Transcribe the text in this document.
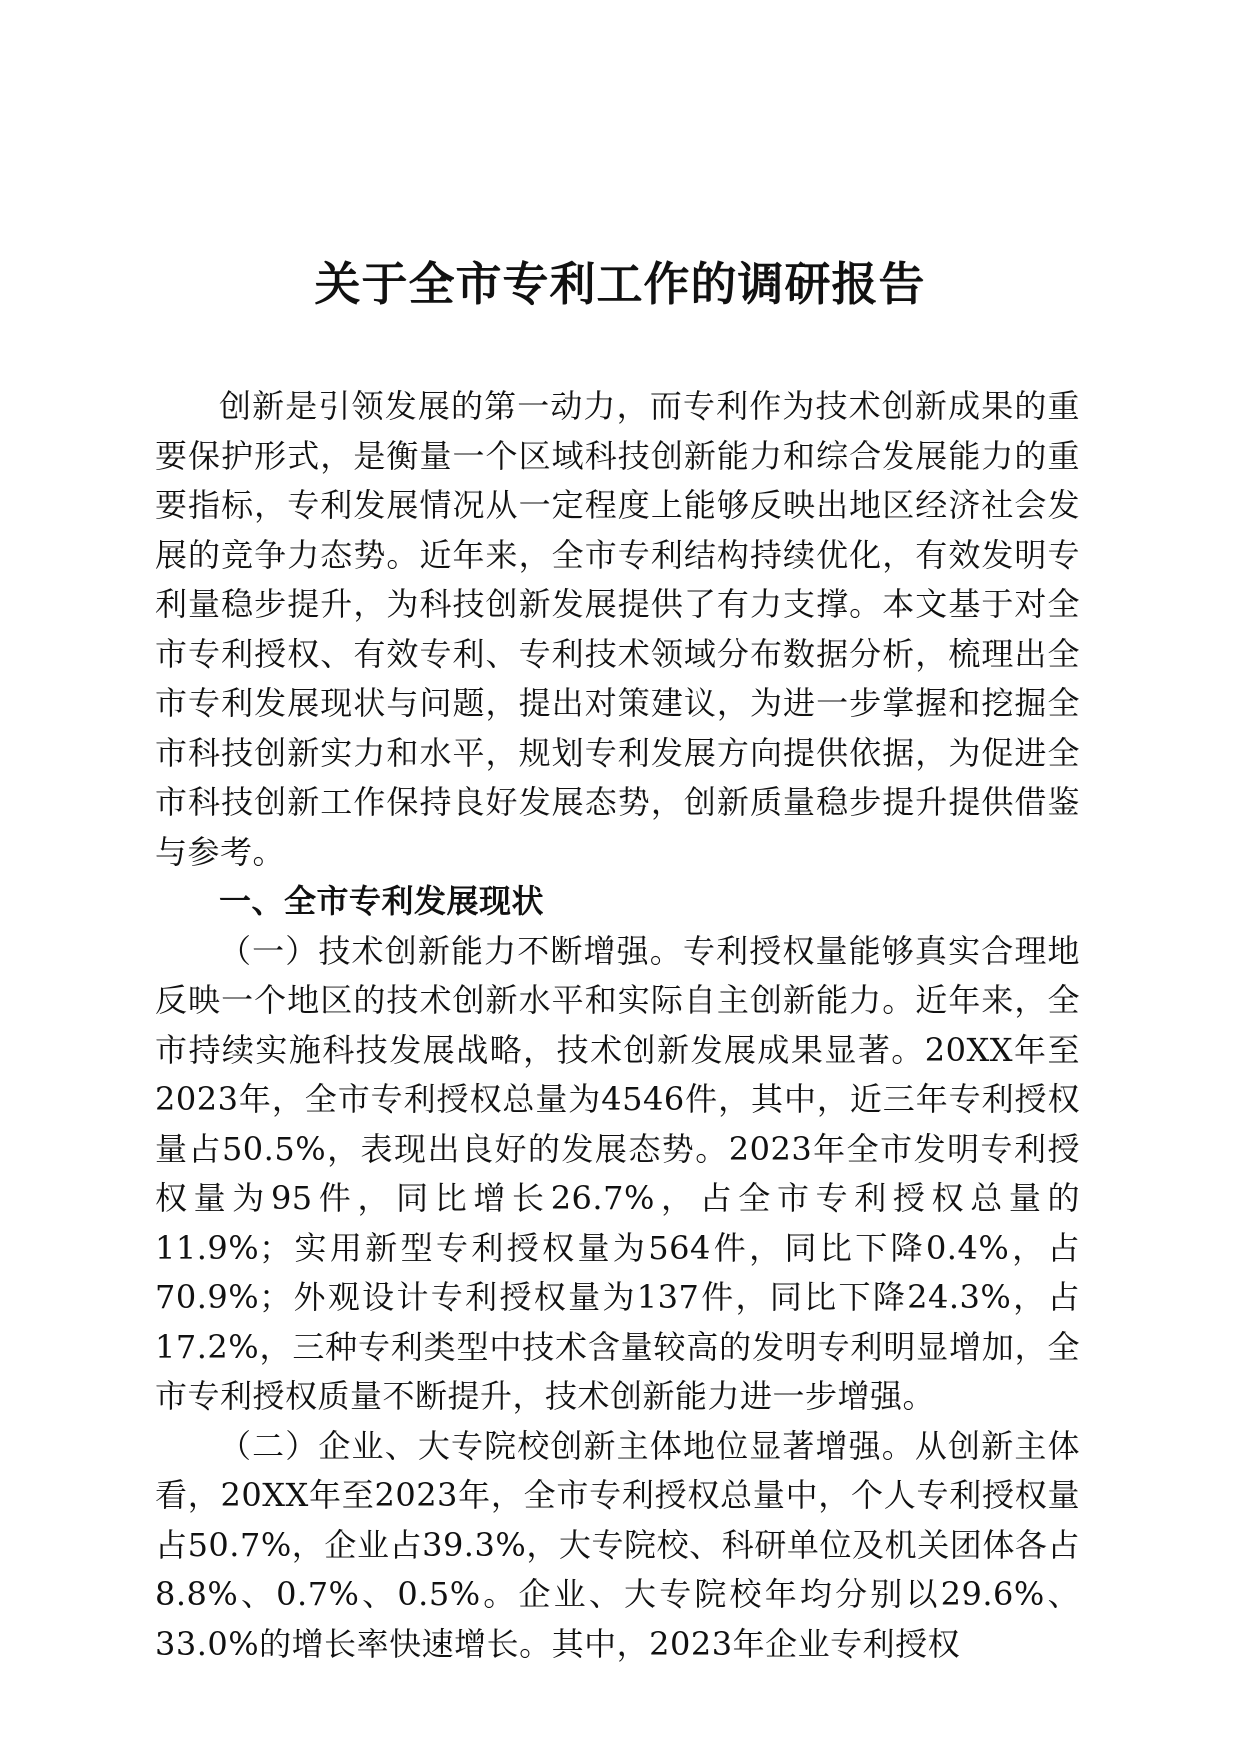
关于全市专利工作的调研报告

创新是引领发展的第一动力，而专利作为技术创新成果的重要保护形式，是衡量一个区域科技创新能力和综合发展能力的重要指标，专利发展情况从一定程度上能够反映出地区经济社会发展的竞争力态势。近年来，全市专利结构持续优化，有效发明专利量稳步提升，为科技创新发展提供了有力支撑。本文基于对全市专利授权、有效专利、专利技术领域分布数据分析，梳理出全市专利发展现状与问题，提出对策建议，为进一步掌握和挖掘全市科技创新实力和水平，规划专利发展方向提供依据，为促进全市科技创新工作保持良好发展态势，创新质量稳步提升提供借鉴与参考。

一、全市专利发展现状

（一）技术创新能力不断增强。专利授权量能够真实合理地反映一个地区的技术创新水平和实际自主创新能力。近年来，全市持续实施科技发展战略，技术创新发展成果显著。20XX年至2023年，全市专利授权总量为4546件，其中，近三年专利授权量占50.5%，表现出良好的发展态势。2023年全市发明专利授权量为95件，同比增长26.7%，占全市专利授权总量的11.9%；实用新型专利授权量为564件，同比下降0.4%，占70.9%；外观设计专利授权量为137件，同比下降24.3%，占17.2%，三种专利类型中技术含量较高的发明专利明显增加，全市专利授权质量不断提升，技术创新能力进一步增强。

（二）企业、大专院校创新主体地位显著增强。从创新主体看，20XX年至2023年，全市专利授权总量中，个人专利授权量占50.7%，企业占39.3%，大专院校、科研单位及机关团体各占8.8%、0.7%、0.5%。企业、大专院校年均分别以29.6%、33.0%的增长率快速增长。其中，2023年企业专利授权
